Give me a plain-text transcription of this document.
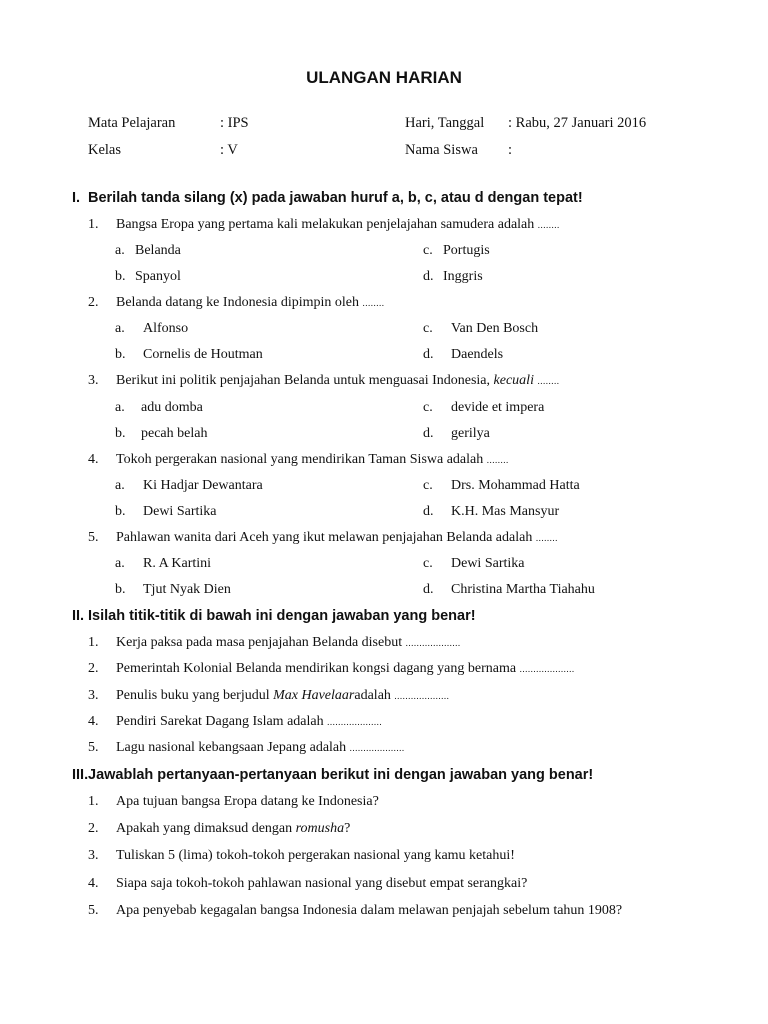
ULANGAN HARIAN
Mata Pelajaran	: IPS	Hari, Tanggal : Rabu, 27 Januari 2016
Kelas	: V	Nama Siswa :
I. Berilah tanda silang (x) pada jawaban huruf a, b, c, atau d dengan tepat!
1.	Bangsa Eropa yang pertama kali melakukan penjelajahan samudera adalah ........
a. Belanda	c. Portugis
b. Spanyol	d. Inggris
2.	Belanda datang ke Indonesia dipimpin oleh ........
a. Alfonso	c. Van Den Bosch
b. Cornelis de Houtman	d. Daendels
3.	Berikut ini politik penjajahan Belanda untuk menguasai Indonesia, kecuali ........
a. adu domba	c. devide et impera
b. pecah belah	d. gerilya
4.	Tokoh pergerakan nasional yang mendirikan Taman Siswa adalah ........
a. Ki Hadjar Dewantara	c. Drs. Mohammad Hatta
b. Dewi Sartika	d. K.H. Mas Mansyur
5.	Pahlawan wanita dari Aceh yang ikut melawan penjajahan Belanda adalah ........
a. R. A Kartini	c. Dewi Sartika
b. Tjut Nyak Dien	d. Christina Martha Tiahahu
II. Isilah titik-titik di bawah ini dengan jawaban yang benar!
1.	Kerja paksa pada masa penjajahan Belanda disebut ....................
2.	Pemerintah Kolonial Belanda mendirikan kongsi dagang yang bernama ....................
3.	Penulis buku yang berjudul Max Havelaaradalah ....................
4.	Pendiri Sarekat Dagang Islam adalah ....................
5.	Lagu nasional kebangsaan Jepang adalah ....................
III.Jawablah pertanyaan-pertanyaan berikut ini dengan jawaban yang benar!
1.	Apa tujuan bangsa Eropa datang ke Indonesia?
2.	Apakah yang dimaksud dengan romusha?
3.	Tuliskan 5 (lima) tokoh-tokoh pergerakan nasional yang kamu ketahui!
4.	Siapa saja tokoh-tokoh pahlawan nasional yang disebut empat serangkai?
5.	Apa penyebab kegagalan bangsa Indonesia dalam melawan penjajah sebelum tahun 1908?
